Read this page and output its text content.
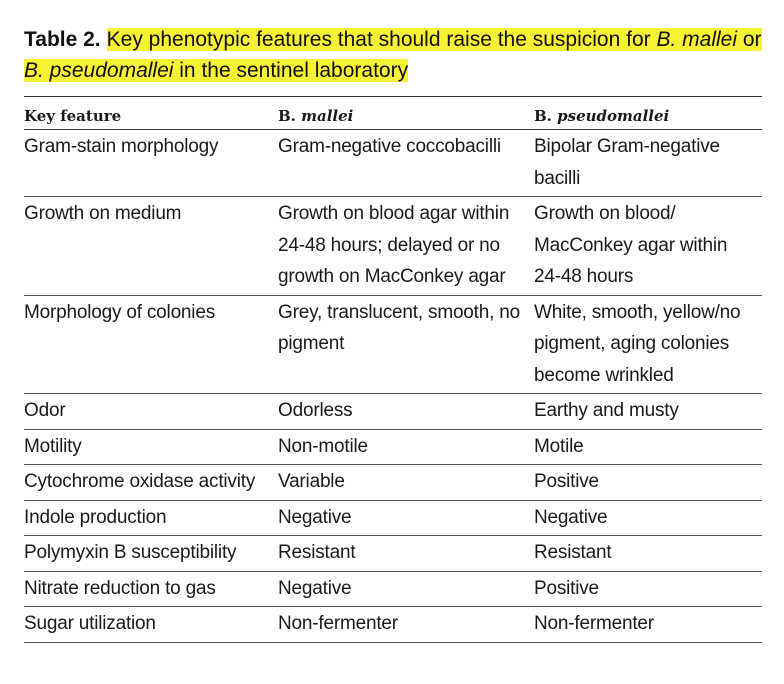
Table 2. Key phenotypic features that should raise the suspicion for B. mallei or B. pseudomallei in the sentinel laboratory
Key feature	B. mallei	B. pseudomallei
Gram-stain morphology	Gram-negative coccobacilli	Bipolar Gram-negative bacilli
Growth on medium	Growth on blood agar within 24-48 hours; delayed or no growth on MacConkey agar	Growth on blood/ MacConkey agar within 24-48 hours
Morphology of colonies	Grey, translucent, smooth, no pigment	White, smooth, yellow/no pigment, aging colonies become wrinkled
Odor	Odorless	Earthy and musty
Motility	Non-motile	Motile
Cytochrome oxidase activity	Variable	Positive
Indole production	Negative	Negative
Polymyxin B susceptibility	Resistant	Resistant
Nitrate reduction to gas	Negative	Positive
Sugar utilization	Non-fermenter	Non-fermenter
